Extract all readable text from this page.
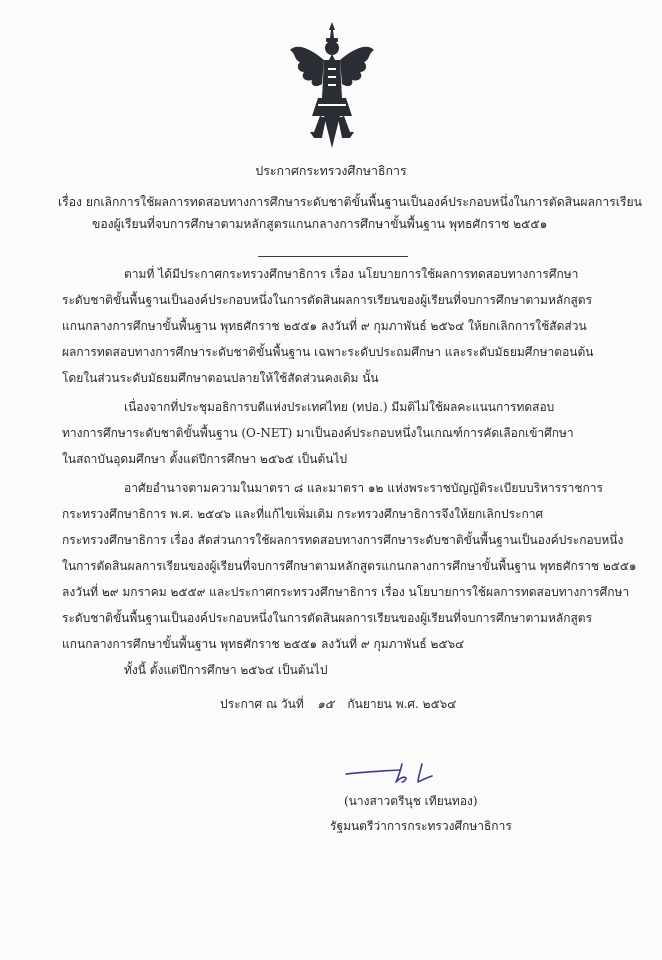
ประกาศกระทรวงศึกษาธิการ
เรื่อง ยกเลิกการใช้ผลการทดสอบทางการศึกษาระดับชาติขั้นพื้นฐานเป็นองค์ประกอบหนึ่งในการตัดสินผลการเรียน
ของผู้เรียนที่จบการศึกษาตามหลักสูตรแกนกลางการศึกษาขั้นพื้นฐาน พุทธศักราช ๒๕๕๑
ตามที่ ได้มีประกาศกระทรวงศึกษาธิการ เรื่อง นโยบายการใช้ผลการทดสอบทางการศึกษา
ระดับชาติขั้นพื้นฐานเป็นองค์ประกอบหนึ่งในการตัดสินผลการเรียนของผู้เรียนที่จบการศึกษาตามหลักสูตร
แกนกลางการศึกษาขั้นพื้นฐาน พุทธศักราช ๒๕๕๑ ลงวันที่ ๙ กุมภาพันธ์ ๒๕๖๔ ให้ยกเลิกการใช้สัดส่วน
ผลการทดสอบทางการศึกษาระดับชาติขั้นพื้นฐาน เฉพาะระดับประถมศึกษา และระดับมัธยมศึกษาตอนต้น
โดยในส่วนระดับมัธยมศึกษาตอนปลายให้ใช้สัดส่วนคงเดิม นั้น
เนื่องจากที่ประชุมอธิการบดีแห่งประเทศไทย (ทปอ.) มีมติไม่ใช้ผลคะแนนการทดสอบ
ทางการศึกษาระดับชาติขั้นพื้นฐาน (O-NET) มาเป็นองค์ประกอบหนึ่งในเกณฑ์การคัดเลือกเข้าศึกษา
ในสถาบันอุดมศึกษา ตั้งแต่ปีการศึกษา ๒๕๖๕ เป็นต้นไป
อาศัยอำนาจตามความในมาตรา ๘ และมาตรา ๑๒ แห่งพระราชบัญญัติระเบียบบริหารราชการ
กระทรวงศึกษาธิการ พ.ศ. ๒๕๔๖ และที่แก้ไขเพิ่มเติม กระทรวงศึกษาธิการจึงให้ยกเลิกประกาศ
กระทรวงศึกษาธิการ เรื่อง สัดส่วนการใช้ผลการทดสอบทางการศึกษาระดับชาติขั้นพื้นฐานเป็นองค์ประกอบหนึ่ง
ในการตัดสินผลการเรียนของผู้เรียนที่จบการศึกษาตามหลักสูตรแกนกลางการศึกษาขั้นพื้นฐาน พุทธศักราช ๒๕๕๑
ลงวันที่ ๒๙ มกราคม ๒๕๕๙ และประกาศกระทรวงศึกษาธิการ เรื่อง นโยบายการใช้ผลการทดสอบทางการศึกษา
ระดับชาติขั้นพื้นฐานเป็นองค์ประกอบหนึ่งในการตัดสินผลการเรียนของผู้เรียนที่จบการศึกษาตามหลักสูตร
แกนกลางการศึกษาขั้นพื้นฐาน พุทธศักราช ๒๕๕๑ ลงวันที่ ๙ กุมภาพันธ์ ๒๕๖๔
ทั้งนี้ ตั้งแต่ปีการศึกษา ๒๕๖๔ เป็นต้นไป
ประกาศ ณ วันที่ ๑๕ กันยายน พ.ศ. ๒๕๖๔
(นางสาวตรีนุช เทียนทอง)
รัฐมนตรีว่าการกระทรวงศึกษาธิการ
